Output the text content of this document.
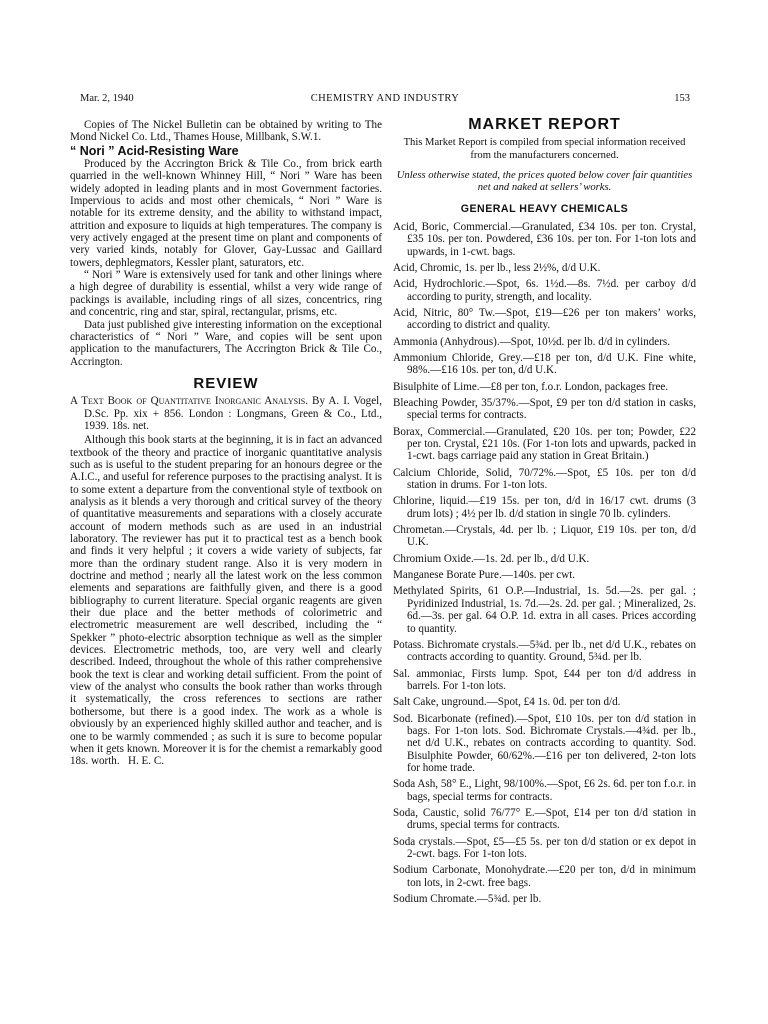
Mar. 2, 1940	CHEMISTRY AND INDUSTRY	153

Copies of The Nickel Bulletin can be obtained by writing to The Mond Nickel Co. Ltd., Thames House, Millbank, S.W.1.

“ Nori ” Acid-Resisting Ware

Produced by the Accrington Brick & Tile Co., from brick earth quarried in the well-known Whinney Hill, “ Nori ” Ware has been widely adopted in leading plants and in most Government factories. Impervious to acids and most other chemicals, “ Nori ” Ware is notable for its extreme density, and the ability to withstand impact, attrition and exposure to liquids at high temperatures. The company is very actively engaged at the present time on plant and components of very varied kinds, notably for Glover, Gay-Lussac and Gaillard towers, dephlegmators, Kessler plant, saturators, etc.

“ Nori ” Ware is extensively used for tank and other linings where a high degree of durability is essential, whilst a very wide range of packings is available, including rings of all sizes, concentrics, ring and concentric, ring and star, spiral, rectangular, prisms, etc.

Data just published give interesting information on the exceptional characteristics of “ Nori ” Ware, and copies will be sent upon application to the manufacturers, The Accrington Brick & Tile Co., Accrington.

REVIEW
A Text Book of Quantitative Inorganic Analysis. By A. I. Vogel, D.Sc. Pp. xix + 856. London : Longmans, Green & Co., Ltd., 1939. 18s. net.

Although this book starts at the beginning, it is in fact an advanced textbook of the theory and practice of inorganic quantitative analysis such as is useful to the student preparing for an honours degree or the A.I.C., and useful for reference purposes to the practising analyst. It is to some extent a departure from the conventional style of textbook on analysis as it blends a very thorough and critical survey of the theory of quantitative measurements and separations with a closely accurate account of modern methods such as are used in an industrial laboratory. The reviewer has put it to practical test as a bench book and finds it very helpful ; it covers a wide variety of subjects, far more than the ordinary student range. Also it is very modern in doctrine and method ; nearly all the latest work on the less common elements and separations are faithfully given, and there is a good bibliography to current literature. Special organic reagents are given their due place and the better methods of colorimetric and electrometric measurement are well described, including the “ Spekker ” photo-electric absorption technique as well as the simpler devices. Electrometric methods, too, are very well and clearly described. Indeed, throughout the whole of this rather comprehensive book the text is clear and working detail sufficient. From the point of view of the analyst who consults the book rather than works through it systematically, the cross references to sections are rather bothersome, but there is a good index. The work as a whole is obviously by an experienced highly skilled author and teacher, and is one to be warmly commended ; as such it is sure to become popular when it gets known. Moreover it is for the chemist a remarkably good 18s. worth. H. E. C.

MARKET REPORT

This Market Report is compiled from special information received from the manufacturers concerned.

Unless otherwise stated, the prices quoted below cover fair quantities net and naked at sellers’ works.

GENERAL HEAVY CHEMICALS

Acid, Boric, Commercial.—Granulated, £34 10s. per ton. Crystal, £35 10s. per ton. Powdered, £36 10s. per ton. For 1-ton lots and upwards, in 1-cwt. bags.

Acid, Chromic, 1s. per lb., less 2½%, d/d U.K.

Acid, Hydrochloric.—Spot, 6s. 1½d.—8s. 7½d. per carboy d/d according to purity, strength, and locality.

Acid, Nitric, 80° Tw.—Spot, £19—£26 per ton makers’ works, according to district and quality.

Ammonia (Anhydrous).—Spot, 10½d. per lb. d/d in cylinders.

Ammonium Chloride, Grey.—£18 per ton, d/d U.K. Fine white, 98%.—£16 10s. per ton, d/d U.K.

Bisulphite of Lime.—£8 per ton, f.o.r. London, packages free.

Bleaching Powder, 35/37%.—Spot, £9 per ton d/d station in casks, special terms for contracts.

Borax, Commercial.—Granulated, £20 10s. per ton; Powder, £22 per ton. Crystal, £21 10s. (For 1-ton lots and upwards, packed in 1-cwt. bags carriage paid any station in Great Britain.)

Calcium Chloride, Solid, 70/72%.—Spot, £5 10s. per ton d/d station in drums. For 1-ton lots.

Chlorine, liquid.—£19 15s. per ton, d/d in 16/17 cwt. drums (3 drum lots) ; 4½ per lb. d/d station in single 70 lb. cylinders.

Chrometan.—Crystals, 4d. per lb. ; Liquor, £19 10s. per ton, d/d U.K.

Chromium Oxide.—1s. 2d. per lb., d/d U.K.

Manganese Borate Pure.—140s. per cwt.

Methylated Spirits, 61 O.P.—Industrial, 1s. 5d.—2s. per gal. ; Pyridinized Industrial, 1s. 7d.—2s. 2d. per gal. ; Mineralized, 2s. 6d.—3s. per gal. 64 O.P. 1d. extra in all cases. Prices according to quantity.

Potass. Bichromate crystals.—5¾d. per lb., net d/d U.K., rebates on contracts according to quantity. Ground, 5¾d. per lb.

Sal. ammoniac, Firsts lump. Spot, £44 per ton d/d address in barrels. For 1-ton lots.

Salt Cake, unground.—Spot, £4 1s. 0d. per ton d/d.

Sod. Bicarbonate (refined).—Spot, £10 10s. per ton d/d station in bags. For 1-ton lots. Sod. Bichromate Crystals.—4¾d. per lb., net d/d U.K., rebates on contracts according to quantity. Sod. Bisulphite Powder, 60/62%.—£16 per ton delivered, 2-ton lots for home trade.

Soda Ash, 58° E., Light, 98/100%.—Spot, £6 2s. 6d. per ton f.o.r. in bags, special terms for contracts.

Soda, Caustic, solid 76/77° E.—Spot, £14 per ton d/d station in drums, special terms for contracts.

Soda crystals.—Spot, £5—£5 5s. per ton d/d station or ex depot in 2-cwt. bags. For 1-ton lots.

Sodium Carbonate, Monohydrate.—£20 per ton, d/d in minimum ton lots, in 2-cwt. free bags.

Sodium Chromate.—5¾d. per lb.
